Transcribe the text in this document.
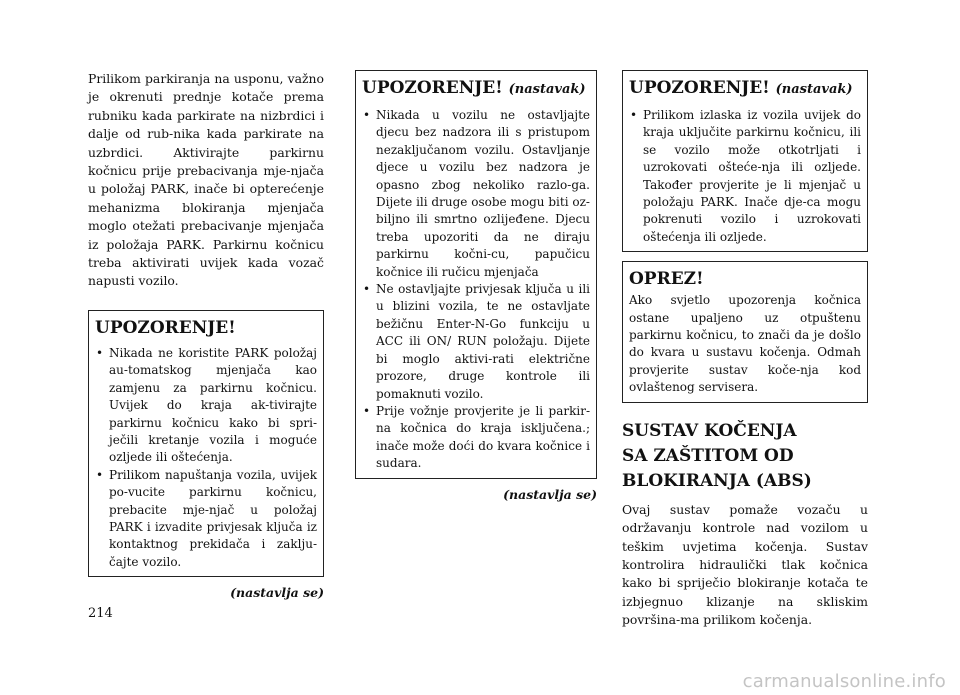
Prilikom parkiranja na usponu, važno je okrenuti prednje kotače prema rubniku kada parkirate na nizbrdici i dalje od rub-nika kada parkirate na uzbrdici. Aktivirajte parkirnu kočnicu prije prebacivanja mje-njača u položaj PARK, inače bi opterećenje mehanizma blokiranja mjenjača moglo otežati prebacivanje mjenjača iz položaja PARK. Parkirnu kočnicu treba aktivirati uvijek kada vozač napusti vozilo.

UPOZORENJE!

• Nikada ne koristite PARK položaj au-tomatskog mjenjača kao zamjenu za parkirnu kočnicu. Uvijek do kraja ak-tivirajte parkirnu kočnicu kako bi spri-ječili kretanje vozila i moguće ozljede ili oštećenja.
• Prilikom napuštanja vozila, uvijek po-vucite parkirnu kočnicu, prebacite mje-njač u položaj PARK i izvadite privjesak ključa iz kontaktnog prekidača i zaklju-čajte vozilo.

(nastavlja se)

UPOZORENJE! (nastavak)

• Nikada u vozilu ne ostavljajte djecu bez nadzora ili s pristupom nezaključanom vozilu. Ostavljanje djece u vozilu bez nadzora je opasno zbog nekoliko razlo-ga. Dijete ili druge osobe mogu biti oz-biljno ili smrtno ozlijeđene. Djecu treba upozoriti da ne diraju parkirnu kočni-cu, papučicu kočnice ili ručicu mjenjača
• Ne ostavljajte privjesak ključa u ili u blizini vozila, te ne ostavljate bežičnu Enter-N-Go funkciju u ACC ili ON/ RUN položaju. Dijete bi moglo aktivi-rati električne prozore, druge kontrole ili pomaknuti vozilo.
• Prije vožnje provjerite je li parkir-na kočnica do kraja isključena.; inače može doći do kvara kočnice i sudara.

(nastavlja se)

UPOZORENJE! (nastavak)

• Prilikom izlaska iz vozila uvijek do kraja uključite parkirnu kočnicu, ili se vozilo može otkotrljati i uzrokovati ošteće-nja ili ozljede. Također provjerite je li mjenjač u položaju PARK. Inače dje-ca mogu pokrenuti vozilo i uzrokovati oštećenja ili ozljede.

OPREZ!

Ako svjetlo upozorenja kočnica ostane upaljeno uz otpuštenu parkirnu kočnicu, to znači da je došlo do kvara u sustavu kočenja. Odmah provjerite sustav koče-nja kod ovlaštenog servisera.

SUSTAV KOČENJA

SA ZAŠTITOM OD

BLOKIRANJA (ABS)

Ovaj sustav pomaže vozaču u održavanju kontrole nad vozilom u teškim uvjetima kočenja. Sustav kontrolira hidraulički tlak kočnica kako bi spriječio blokiranje kotača te izbjegnuo klizanje na skliskim površina-ma prilikom kočenja.

214
carmanualsonline.info
